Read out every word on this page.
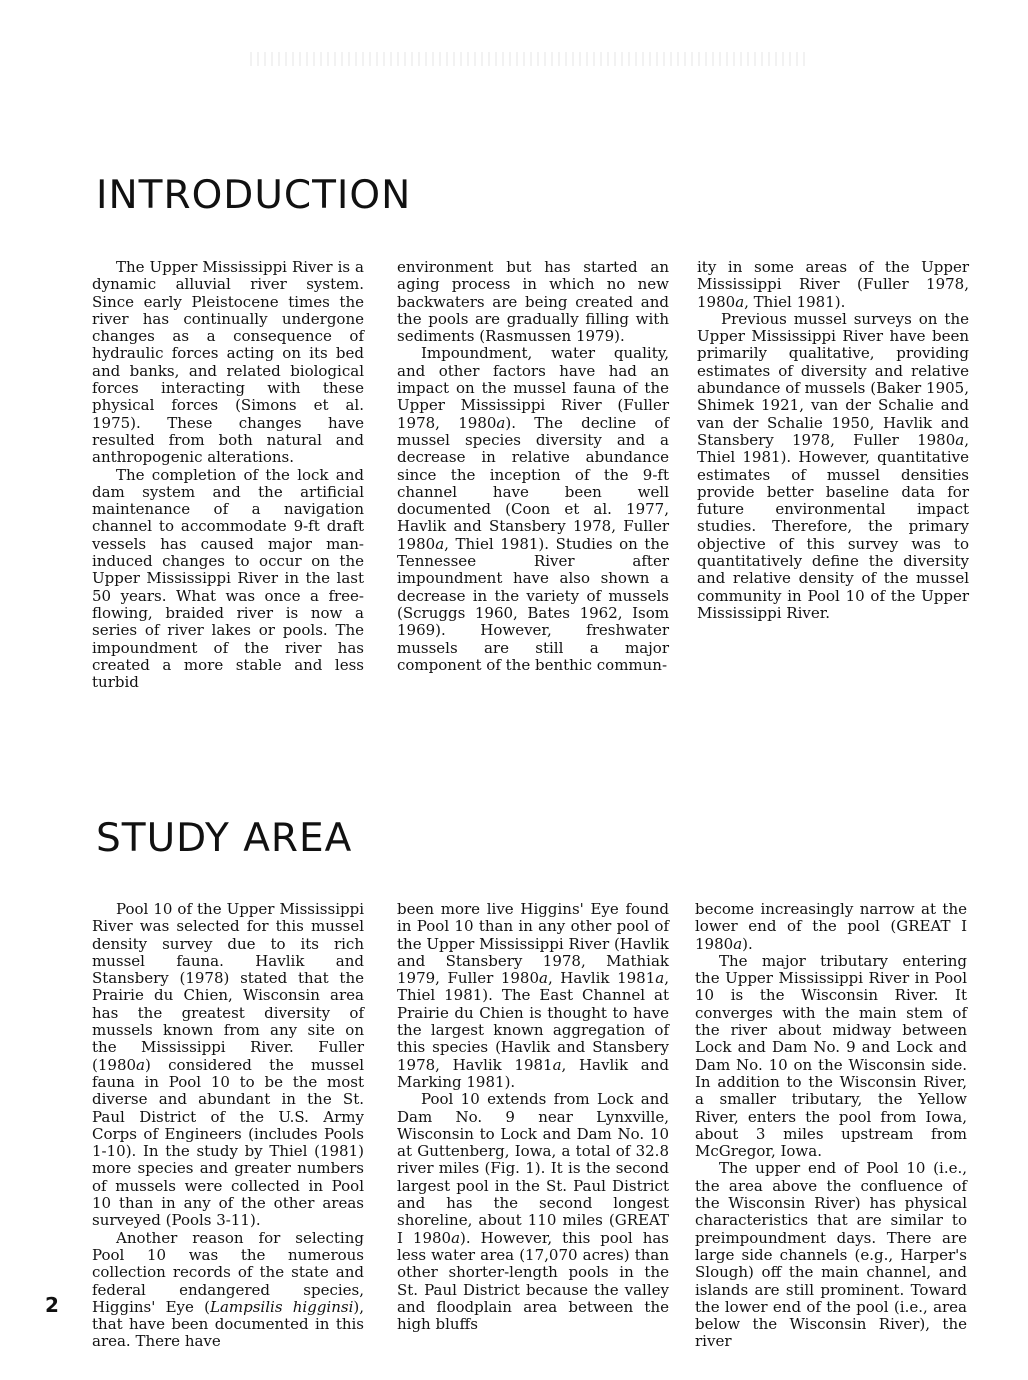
INTRODUCTION

The Upper Mississippi River is a dynamic alluvial river system. Since early Pleistocene times the river has continually undergone changes as a consequence of hydraulic forces acting on its bed and banks, and related biological forces interacting with these physical forces (Simons et al. 1975). These changes have resulted from both natural and anthropogenic alterations.

The completion of the lock and dam system and the artificial maintenance of a navigation channel to accommodate 9-ft draft vessels has caused major man-induced changes to occur on the Upper Mississippi River in the last 50 years. What was once a free-flowing, braided river is now a series of river lakes or pools. The impoundment of the river has created a more stable and less turbid

environment but has started an aging process in which no new backwaters are being created and the pools are gradually filling with sediments (Rasmussen 1979).

Impoundment, water quality, and other factors have had an impact on the mussel fauna of the Upper Mississippi River (Fuller 1978, 1980a). The decline of mussel species diversity and a decrease in relative abundance since the inception of the 9-ft channel have been well documented (Coon et al. 1977, Havlik and Stansbery 1978, Fuller 1980a, Thiel 1981). Studies on the Tennessee River after impoundment have also shown a decrease in the variety of mussels (Scruggs 1960, Bates 1962, Isom 1969). However, freshwater mussels are still a major component of the benthic commun-

ity in some areas of the Upper Mississippi River (Fuller 1978, 1980a, Thiel 1981).

Previous mussel surveys on the Upper Mississippi River have been primarily qualitative, providing estimates of diversity and relative abundance of mussels (Baker 1905, Shimek 1921, van der Schalie and van der Schalie 1950, Havlik and Stansbery 1978, Fuller 1980a, Thiel 1981). However, quantitative estimates of mussel densities provide better baseline data for future environmental impact studies. Therefore, the primary objective of this survey was to quantitatively define the diversity and relative density of the mussel community in Pool 10 of the Upper Mississippi River.

STUDY AREA

Pool 10 of the Upper Mississippi River was selected for this mussel density survey due to its rich mussel fauna. Havlik and Stansbery (1978) stated that the Prairie du Chien, Wisconsin area has the greatest diversity of mussels known from any site on the Mississippi River. Fuller (1980a) considered the mussel fauna in Pool 10 to be the most diverse and abundant in the St. Paul District of the U.S. Army Corps of Engineers (includes Pools 1-10). In the study by Thiel (1981) more species and greater numbers of mussels were collected in Pool 10 than in any of the other areas surveyed (Pools 3-11).

Another reason for selecting Pool 10 was the numerous collection records of the state and federal endangered species, Higgins' Eye (Lampsilis higginsi), that have been documented in this area. There have

been more live Higgins' Eye found in Pool 10 than in any other pool of the Upper Mississippi River (Havlik and Stansbery 1978, Mathiak 1979, Fuller 1980a, Havlik 1981a, Thiel 1981). The East Channel at Prairie du Chien is thought to have the largest known aggregation of this species (Havlik and Stansbery 1978, Havlik 1981a, Havlik and Marking 1981).

Pool 10 extends from Lock and Dam No. 9 near Lynxville, Wisconsin to Lock and Dam No. 10 at Guttenberg, Iowa, a total of 32.8 river miles (Fig. 1). It is the second largest pool in the St. Paul District and has the second longest shoreline, about 110 miles (GREAT I 1980a). However, this pool has less water area (17,070 acres) than other shorter-length pools in the St. Paul District because the valley and floodplain area between the high bluffs

become increasingly narrow at the lower end of the pool (GREAT I 1980a).

The major tributary entering the Upper Mississippi River in Pool 10 is the Wisconsin River. It converges with the main stem of the river about midway between Lock and Dam No. 9 and Lock and Dam No. 10 on the Wisconsin side. In addition to the Wisconsin River, a smaller tributary, the Yellow River, enters the pool from Iowa, about 3 miles upstream from McGregor, Iowa.

The upper end of Pool 10 (i.e., the area above the confluence of the Wisconsin River) has physical characteristics that are similar to preimpoundment days. There are large side channels (e.g., Harper's Slough) off the main channel, and islands are still prominent. Toward the lower end of the pool (i.e., area below the Wisconsin River), the river

2
